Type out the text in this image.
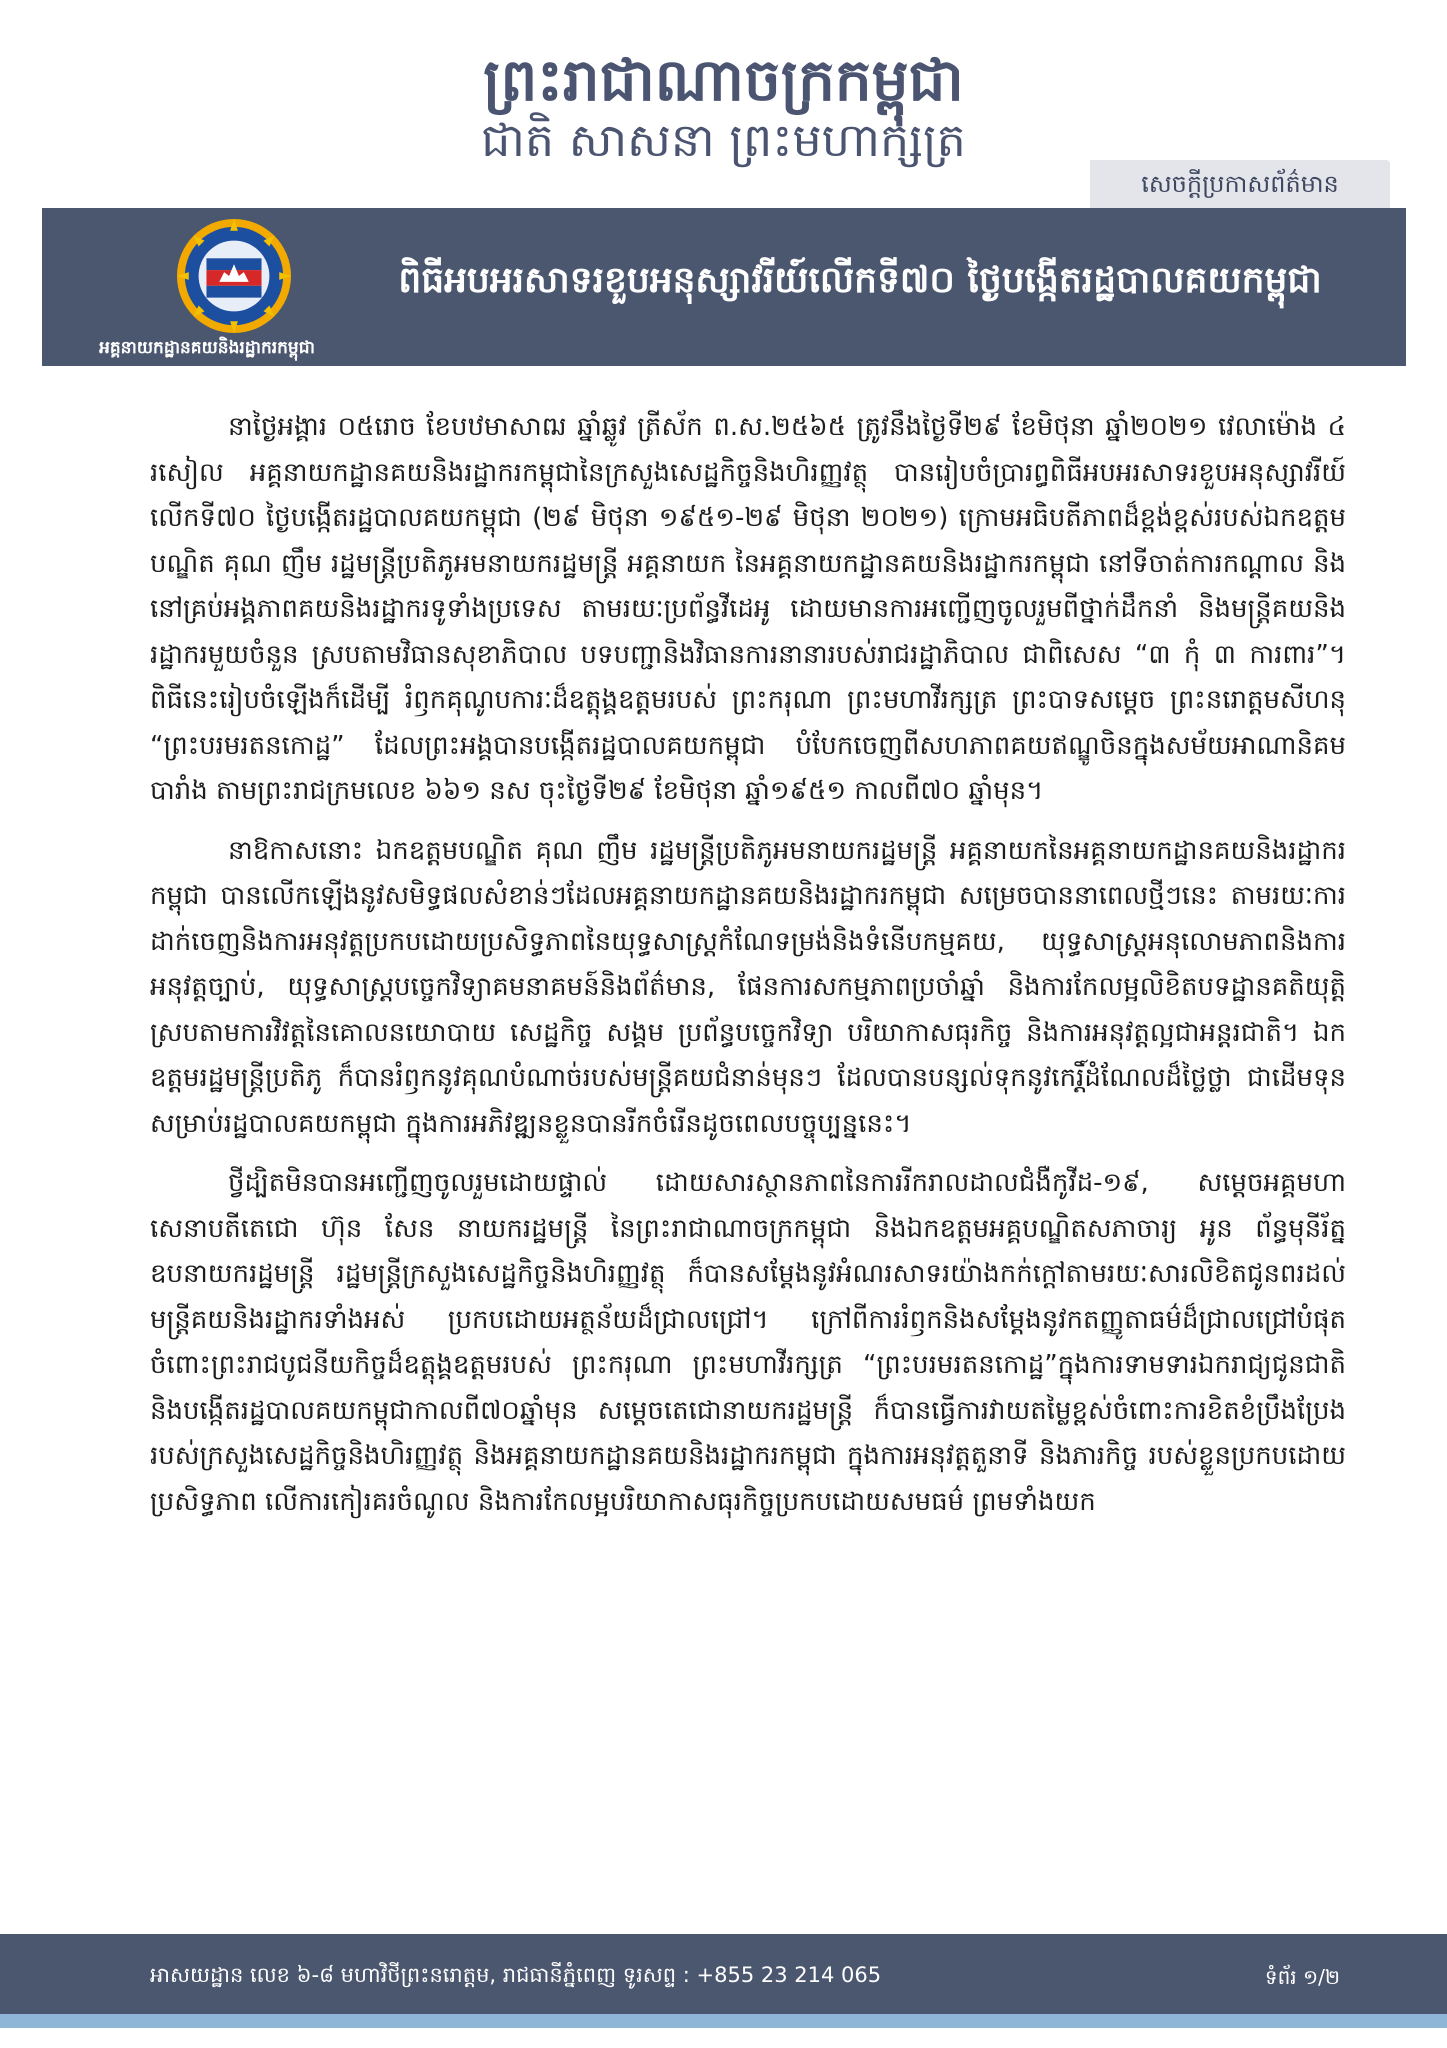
ព្រះរាជាណាចក្រកម្ពុជា
ជាតិ សាសនា ព្រះមហាក្សត្រ
សេចក្តីប្រកាសព័ត៌មាន
អគ្គនាយកដ្ឋានគយនិងរដ្ឋាករកម្ពុជា
ពិធីអបអរសាទរខួបអនុស្សាវរីយ៍លើកទី៧០ ថ្ងៃបង្កើតរដ្ឋបាលគយកម្ពុជា

នាថ្ងៃអង្គារ ០៥រោច ខែបឋមាសាឍ ឆ្នាំឆ្លូវ ត្រីស័ក ព.ស.២៥៦៥ ត្រូវនឹងថ្ងៃទី២៩ ខែមិថុនា ឆ្នាំ២០២១ វេលាម៉ោង ៤ រសៀល អគ្គនាយកដ្ឋានគយនិងរដ្ឋាករកម្ពុជានៃក្រសួងសេដ្ឋកិច្ចនិងហិរញ្ញវត្ថុ បានរៀបចំប្រារព្ធពិធីអបអរសាទរខួបអនុស្សាវរីយ៍លើកទី៧០ ថ្ងៃបង្កើតរដ្ឋបាលគយកម្ពុជា (២៩ មិថុនា ១៩៥១-២៩ មិថុនា ២០២១) ក្រោមអធិបតីភាពដ៏ខ្ពង់ខ្ពស់របស់ឯកឧត្តមបណ្ឌិត គុណ ញឹម រដ្ឋមន្ត្រីប្រតិភូអមនាយករដ្ឋមន្ត្រី អគ្គនាយក នៃអគ្គនាយកដ្ឋានគយនិងរដ្ឋាករកម្ពុជា នៅទីចាត់ការកណ្តាល និងនៅគ្រប់អង្គភាពគយនិងរដ្ឋាករទូទាំងប្រទេស តាមរយៈប្រព័ន្ធវីដេអូ ដោយមានការអញ្ជើញចូលរួមពីថ្នាក់ដឹកនាំ និងមន្ត្រីគយនិងរដ្ឋាករមួយចំនួន ស្របតាមវិធានសុខាភិបាល បទបញ្ជានិងវិធានការនានារបស់រាជរដ្ឋាភិបាល ជាពិសេស “៣ កុំ ៣ ការពារ”។ ពិធីនេះរៀបចំឡើងក៏ដើម្បី រំឭកគុណូបការៈដ៏ឧត្តុង្គឧត្តមរបស់ ព្រះករុណា ព្រះមហាវីរក្សត្រ ព្រះបាទសម្តេច ព្រះនរោត្តមសីហនុ “ព្រះបរមរតនកោដ្ឋ” ដែលព្រះអង្គបានបង្កើតរដ្ឋបាលគយកម្ពុជា បំបែកចេញពីសហភាពគយឥណ្ឌូចិនក្នុងសម័យអាណានិគមបារាំង តាមព្រះរាជក្រមលេខ ៦៦១ នស ចុះថ្ងៃទី២៩ ខែមិថុនា ឆ្នាំ១៩៥១ កាលពី៧០ ឆ្នាំមុន។

នាឱកាសនោះ ឯកឧត្តមបណ្ឌិត គុណ ញឹម រដ្ឋមន្ត្រីប្រតិភូអមនាយករដ្ឋមន្ត្រី អគ្គនាយកនៃអគ្គនាយកដ្ឋានគយនិងរដ្ឋាករកម្ពុជា បានលើកឡើងនូវសមិទ្ធផលសំខាន់ៗដែលអគ្គនាយកដ្ឋានគយនិងរដ្ឋាករកម្ពុជា សម្រេចបាននាពេលថ្មីៗនេះ តាមរយៈការដាក់ចេញនិងការអនុវត្តប្រកបដោយប្រសិទ្ធភាពនៃយុទ្ធសាស្ត្រកំណែទម្រង់និងទំនើបកម្មគយ, យុទ្ធសាស្ត្រអនុលោមភាពនិងការអនុវត្តច្បាប់, យុទ្ធសាស្ត្របច្ចេកវិទ្យាគមនាគមន៍និងព័ត៌មាន, ផែនការសកម្មភាពប្រចាំឆ្នាំ និងការកែលម្អលិខិតបទដ្ឋានគតិយុត្តិ ស្របតាមការវិវត្តនៃគោលនយោបាយ សេដ្ឋកិច្ច សង្គម ប្រព័ន្ធបច្ចេកវិទ្យា បរិយាកាសធុរកិច្ច និងការអនុវត្តល្អជាអន្តរជាតិ។ ឯកឧត្តមរដ្ឋមន្ត្រីប្រតិភូ ក៏បានរំឭកនូវគុណបំណាច់របស់មន្ត្រីគយជំនាន់មុនៗ ដែលបានបន្សល់ទុកនូវកេរ្តិ៍ដំណែលដ៏ថ្លៃថ្លា ជាដើមទុនសម្រាប់រដ្ឋបាលគយកម្ពុជា ក្នុងការអភិវឌ្ឍនខ្លួនបានរីកចំរើនដូចពេលបច្ចុប្បន្ននេះ។

ថ្វីដ្បិតមិនបានអញ្ជើញចូលរួមដោយផ្ទាល់ ដោយសារស្ថានភាពនៃការរីករាលដាលជំងឺកូវីដ-១៩, សម្តេចអគ្គមហាសេនាបតីតេជោ ហ៊ុន សែន នាយករដ្ឋមន្ត្រី នៃព្រះរាជាណាចក្រកម្ពុជា និងឯកឧត្តមអគ្គបណ្ឌិតសភាចារ្យ អូន ព័ន្ធមុនីរ័ត្ន ឧបនាយករដ្ឋមន្ត្រី រដ្ឋមន្ត្រីក្រសួងសេដ្ឋកិច្ចនិងហិរញ្ញវត្ថុ ក៏បានសម្តែងនូវអំណរសាទរយ៉ាងកក់ក្តៅតាមរយៈសារលិខិតជូនពរដល់មន្ត្រីគយនិងរដ្ឋាករទាំងអស់ ប្រកបដោយអត្ថន័យដ៏ជ្រាលជ្រៅ។ ក្រៅពីការរំឭកនិងសម្តែងនូវកតញ្ញូតាធម៌ដ៏ជ្រាលជ្រៅបំផុត ចំពោះព្រះរាជបូជនីយកិច្ចដ៏ឧត្តុង្គឧត្តមរបស់ ព្រះករុណា ព្រះមហាវីរក្សត្រ “ព្រះបរមរតនកោដ្ឋ”ក្នុងការទាមទារឯករាជ្យជូនជាតិ និងបង្កើតរដ្ឋបាលគយកម្ពុជាកាលពី៧០ឆ្នាំមុន សម្តេចតេជោនាយករដ្ឋមន្ត្រី ក៏បានធ្វើការវាយតម្លៃខ្ពស់ចំពោះការខិតខំប្រឹងប្រែងរបស់ក្រសួងសេដ្ឋកិច្ចនិងហិរញ្ញវត្ថុ និងអគ្គនាយកដ្ឋានគយនិងរដ្ឋាករកម្ពុជា ក្នុងការអនុវត្តតួនាទី និងភារកិច្ច របស់ខ្លួនប្រកបដោយប្រសិទ្ធភាព លើការកៀរគរចំណូល និងការកែលម្អបរិយាកាសធុរកិច្ចប្រកបដោយសមធម៌ ព្រមទាំងយក

អាសយដ្ឋាន លេខ ៦-៨ មហាវិថីព្រះនរោត្តម, រាជធានីភ្នំពេញ ទូរសព្ទ : +855 23 214 065	ទំព័រ ១/២
